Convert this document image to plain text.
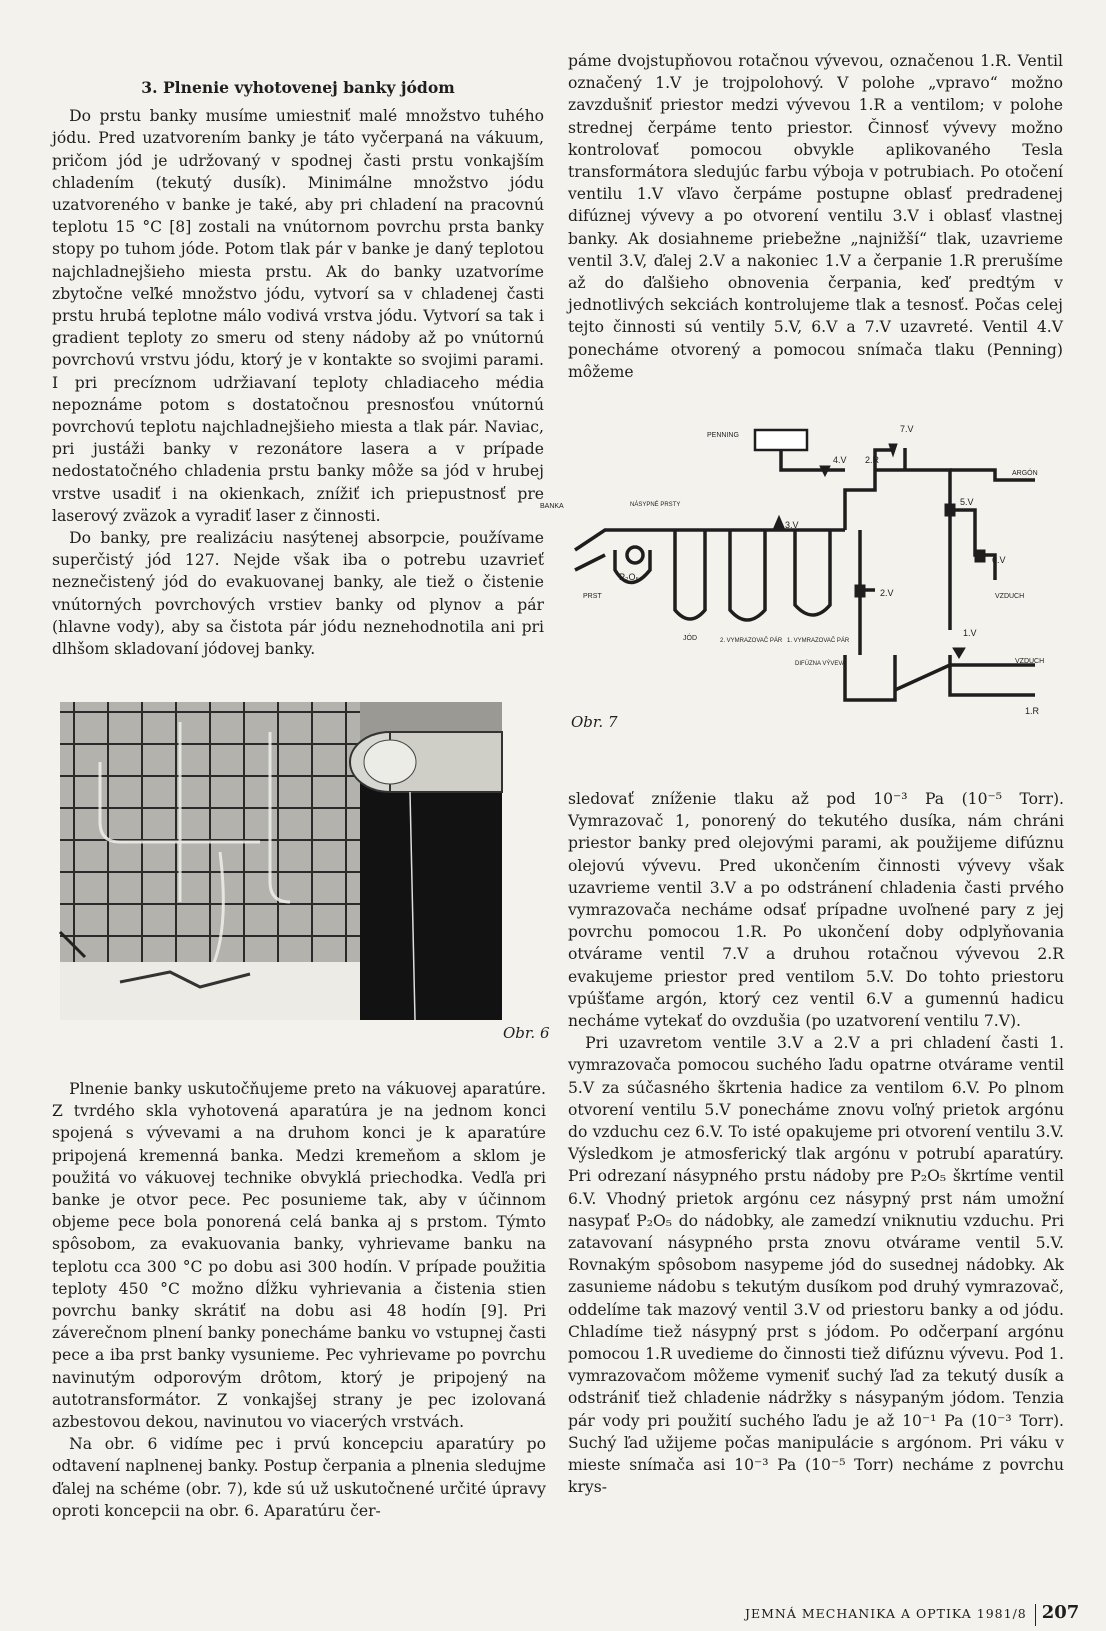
3. Plnenie vyhotovenej banky jódom

Do prstu banky musíme umiestniť malé množstvo tuhého jódu. Pred uzatvorením banky je táto vyčerpaná na vákuum, pričom jód je udržovaný v spodnej časti prstu vonkajším chladením (tekutý dusík). Minimálne množstvo jódu uzatvoreného v banke je také, aby pri chladení na pracovnú teplotu 15 °C [8] zostali na vnútornom povrchu prsta banky stopy po tuhom jóde. Potom tlak pár v banke je daný teplotou najchladnejšieho miesta prstu. Ak do banky uzatvoríme zbytočne veľké množstvo jódu, vytvorí sa v chladenej časti prstu hrubá teplotne málo vodivá vrstva jódu. Vytvorí sa tak i gradient teploty zo smeru od steny nádoby až po vnútornú povrchovú vrstvu jódu, ktorý je v kontakte so svojimi parami. I pri precíznom udržiavaní teploty chladiaceho média nepoznáme potom s dostatočnou presnosťou vnútornú povrchovú teplotu najchladnejšieho miesta a tlak pár. Naviac, pri justáži banky v rezonátore lasera a v prípade nedostatočného chladenia prstu banky môže sa jód v hrubej vrstve usadiť i na okienkach, znížiť ich priepustnosť pre laserový zväzok a vyradiť laser z činnosti.

Do banky, pre realizáciu nasýtenej absorpcie, používame superčistý jód 127. Nejde však iba o potrebu uzavrieť neznečistený jód do evakuovanej banky, ale tiež o čistenie vnútorných povrchových vrstiev banky od plynov a pár (hlavne vody), aby sa čistota pár jódu neznehodnotila ani pri dlhšom skladovaní jódovej banky.

Obr. 6

Plnenie banky uskutočňujeme preto na vákuovej aparatúre. Z tvrdého skla vyhotovená aparatúra je na jednom konci spojená s vývevami a na druhom konci je k aparatúre pripojená kremenná banka. Medzi kremeňom a sklom je použitá vo vákuovej technike obvyklá priechodka. Vedľa pri banke je otvor pece. Pec posunieme tak, aby v účinnom objeme pece bola ponorená celá banka aj s prstom. Týmto spôsobom, za evakuovania banky, vyhrievame banku na teplotu cca 300 °C po dobu asi 300 hodín. V prípade použitia teploty 450 °C možno dĺžku vyhrievania a čistenia stien povrchu banky skrátiť na dobu asi 48 hodín [9]. Pri záverečnom plnení banky ponecháme banku vo vstupnej časti pece a iba prst banky vysunieme. Pec vyhrievame po povrchu navinutým odporovým drôtom, ktorý je pripojený na autotransformátor. Z vonkajšej strany je pec izolovaná azbestovou dekou, navinutou vo viacerých vrstvách.

Na obr. 6 vidíme pec i prvú koncepciu aparatúry po odtavení naplnenej banky. Postup čerpania a plnenia sledujme ďalej na schéme (obr. 7), kde sú už uskutočnené určité úpravy oproti koncepcii na obr. 6. Aparatúru čer-

páme dvojstupňovou rotačnou vývevou, označenou 1.R. Ventil označený 1.V je trojpolohový. V polohe „vpravo“ možno zavzdušniť priestor medzi vývevou 1.R a ventilom; v polohe strednej čerpáme tento priestor. Činnosť vývevy možno kontrolovať pomocou obvykle aplikovaného Tesla transformátora sledujúc farbu výboja v potrubiach. Po otočení ventilu 1.V vľavo čerpáme postupne oblasť predradenej difúznej vývevy a po otvorení ventilu 3.V i oblasť vlastnej banky. Ak dosiahneme priebežne „najnižší“ tlak, uzavrieme ventil 3.V, ďalej 2.V a nakoniec 1.V a čerpanie 1.R prerušíme až do ďalšieho obnovenia čerpania, keď predtým v jednotlivých sekciách kontrolujeme tlak a tesnosť. Počas celej tejto činnosti sú ventily 5.V, 6.V a 7.V uzavreté. Ventil 4.V ponecháme otvorený a pomocou snímača tlaku (Penning) môžeme

PENNING
7.V
4.V 2.R
ARGÓN
5.V
BANKA	NÁSYPNÉ PRSTY
3.V
6.V
P₂O₅
PRST
JÓD	2. VYMRAZOVAČ PÁR 1. VYMRAZOVAČ PÁR
2.V	VZDUCH
1.V
DIFÚZNA VÝVEVA	VZDUCH
1.R
Obr. 7

sledovať zníženie tlaku až pod 10⁻³ Pa (10⁻⁵ Torr). Vymrazovač 1, ponorený do tekutého dusíka, nám chráni priestor banky pred olejovými parami, ak použijeme difúznu olejovú vývevu. Pred ukončením činnosti vývevy však uzavrieme ventil 3.V a po odstránení chladenia časti prvého vymrazovača necháme odsať prípadne uvoľnené pary z jej povrchu pomocou 1.R. Po ukončení doby odplyňovania otvárame ventil 7.V a druhou rotačnou vývevou 2.R evakujeme priestor pred ventilom 5.V. Do tohto priestoru vpúšťame argón, ktorý cez ventil 6.V a gumennú hadicu necháme vytekať do ovzdušia (po uzatvorení ventilu 7.V).

Pri uzavretom ventile 3.V a 2.V a pri chladení časti 1. vymrazovača pomocou suchého ľadu opatrne otvárame ventil 5.V za súčasného škrtenia hadice za ventilom 6.V. Po plnom otvorení ventilu 5.V ponecháme znovu voľný prietok argónu do vzduchu cez 6.V. To isté opakujeme pri otvorení ventilu 3.V. Výsledkom je atmosferický tlak argónu v potrubí aparatúry. Pri odrezaní násypného prstu nádoby pre P₂O₅ škrtíme ventil 6.V. Vhodný prietok argónu cez násypný prst nám umožní nasypať P₂O₅ do nádobky, ale zamedzí vniknutiu vzduchu. Pri zatavovaní násypného prsta znovu otvárame ventil 5.V. Rovnakým spôsobom nasypeme jód do susednej nádobky. Ak zasunieme nádobu s tekutým dusíkom pod druhý vymrazovač, oddelíme tak mazový ventil 3.V od priestoru banky a od jódu. Chladíme tiež násypný prst s jódom. Po odčerpaní argónu pomocou 1.R uvedieme do činnosti tiež difúznu vývevu. Pod 1. vymrazovačom môžeme vymeniť suchý ľad za tekutý dusík a odstrániť tiež chladenie nádržky s násypaným jódom. Tenzia pár vody pri použití suchého ľadu je až 10⁻¹ Pa (10⁻³ Torr). Suchý ľad užijeme počas manipulácie s argónom. Pri váku v mieste snímača asi 10⁻³ Pa (10⁻⁵ Torr) necháme z povrchu krys-

JEMNÁ MECHANIKA A OPTIKA 1981/8 207
